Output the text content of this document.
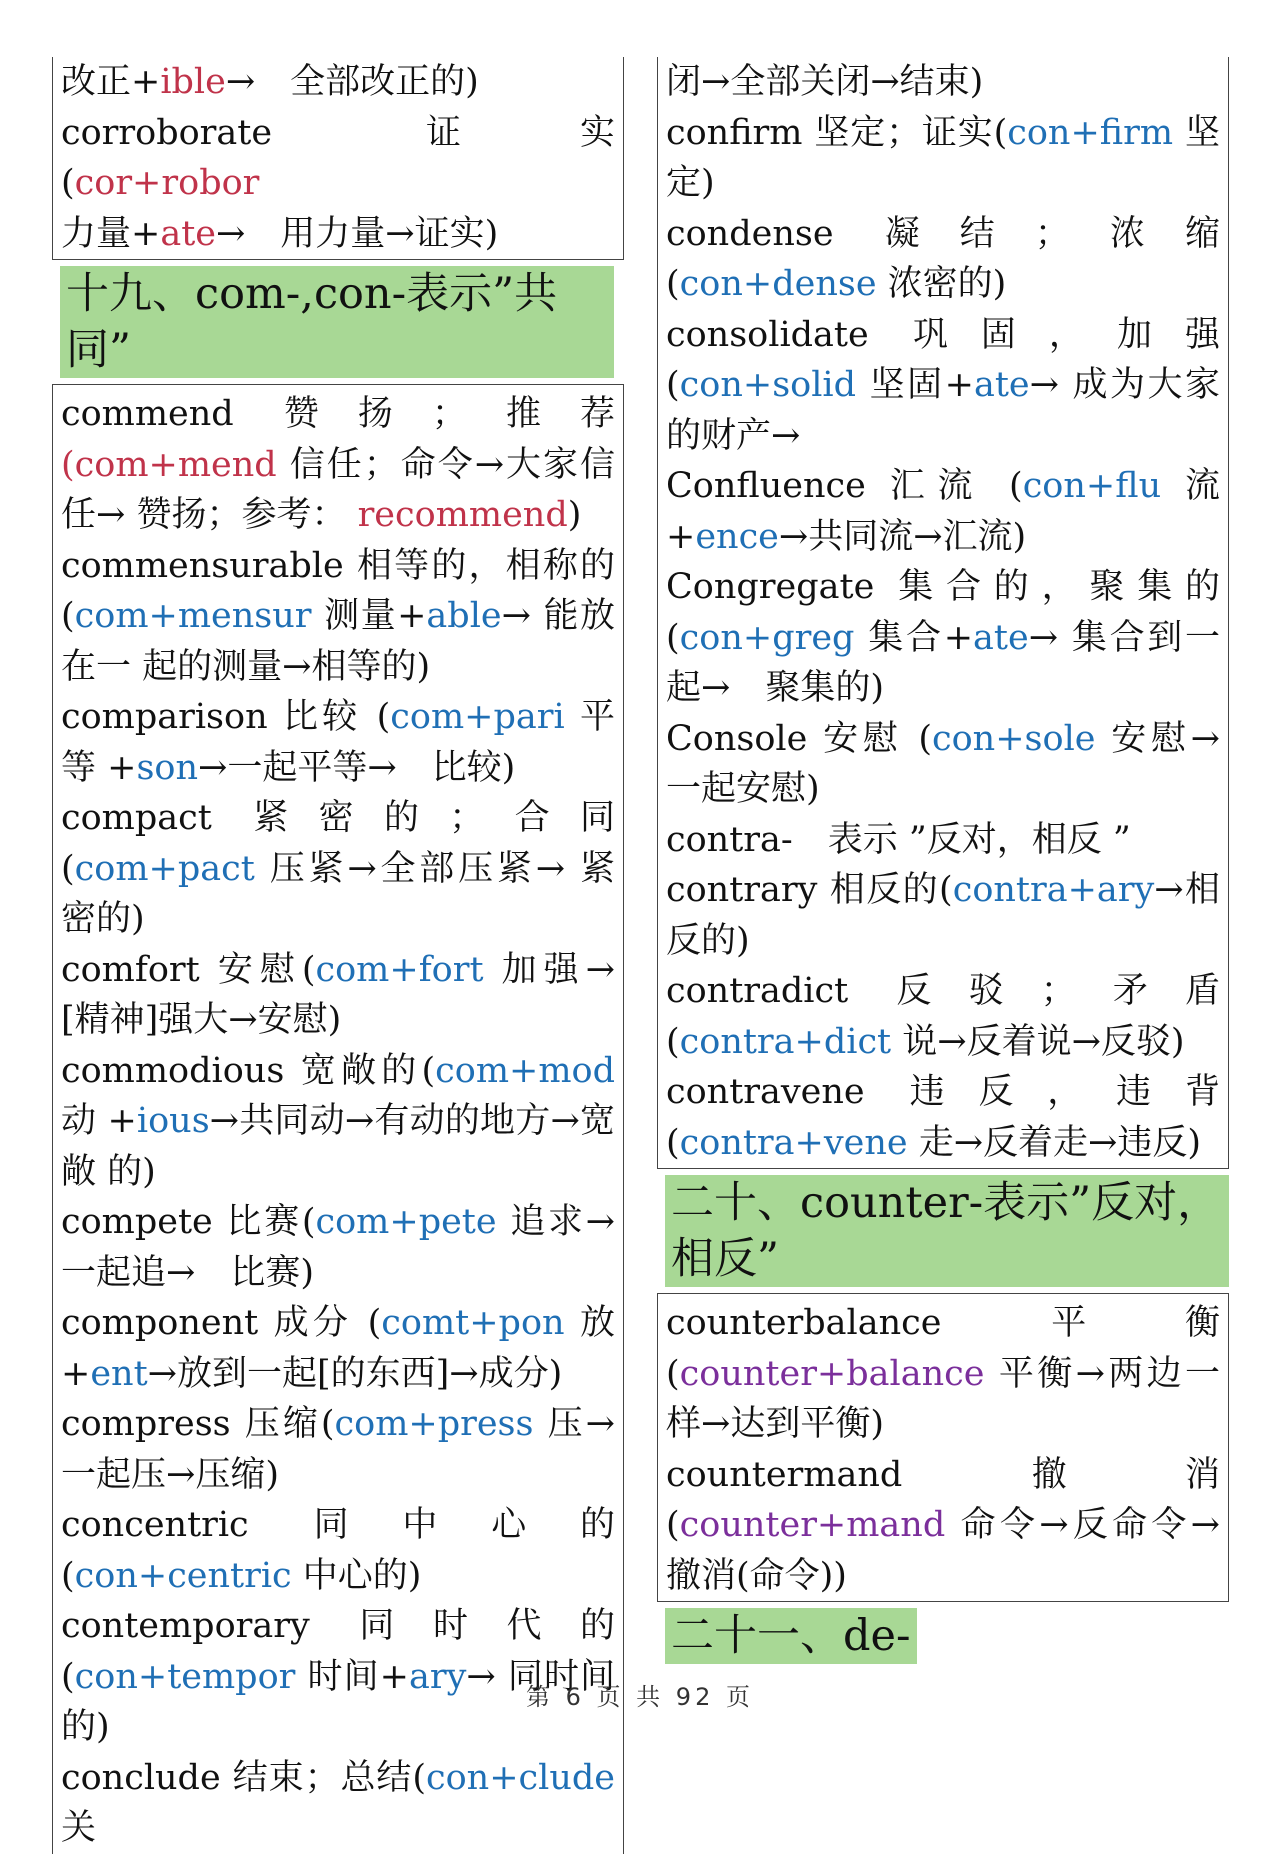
改正+ible→　全部改正的)

corroborate	证 实 (cor+robor
力量+ate→　用力量→证实)

十九、com-,con-表示”共同”

commend 赞扬；推荐(com+mend 信任；命令→大家信任→ 赞扬；参考： recommend)

commensurable 相等的，相称的 (com+mensur 测量+able→ 能放在一 起的测量→相等的)

comparison 比较 (com+pari 平等 +son→一起平等→　比较)

compact 紧密的；合同(com+pact 压紧→全部压紧→ 紧密的)

comfort 安慰(com+fort 加强→　[精神]强大→安慰)

commodious 宽敞的(com+mod 动 +ious→共同动→有动的地方→宽敞 的)

compete 比赛(com+pete 追求→一起追→　比赛)

component 成分 (comt+pon 放 +ent→放到一起[的东西]→成分)

compress 压缩(com+press 压→一起压→压缩)

concentric 同中心的(con+centric 中心的)

contemporary 同时代的 (con+tempor 时间+ary→ 同时间的)

conclude 结束；总结(con+clude 关

闭→全部关闭→结束)

confirm 坚定；证实(con+firm 坚定)

condense 凝结；浓缩(con+dense 浓密的)

consolidate 巩固，加强 (con+solid 坚固+ate→ 成为大家的财产→

Confluence 汇流 (con+flu 流 +ence→共同流→汇流)

Congregate 集合的，聚集的 (con+greg 集合+ate→ 集合到一起→　聚集的)

Console 安慰 (con+sole 安慰→一起安慰)

contra-　表示 ”反对，相反 ”

contrary 相反的(contra+ary→相反的)

contradict 反驳；矛盾 (contra+dict 说→反着说→反驳)

contravene 违反，违背 (contra+vene 走→反着走→违反)

二十、counter-表示”反对，相反”

counterbalance 平衡 (counter+balance 平衡→两边一样→达到平衡)

countermand 撤消(counter+mand 命令→反命令→撤消(命令))

二十一、de-
第 6 页 共 92 页
